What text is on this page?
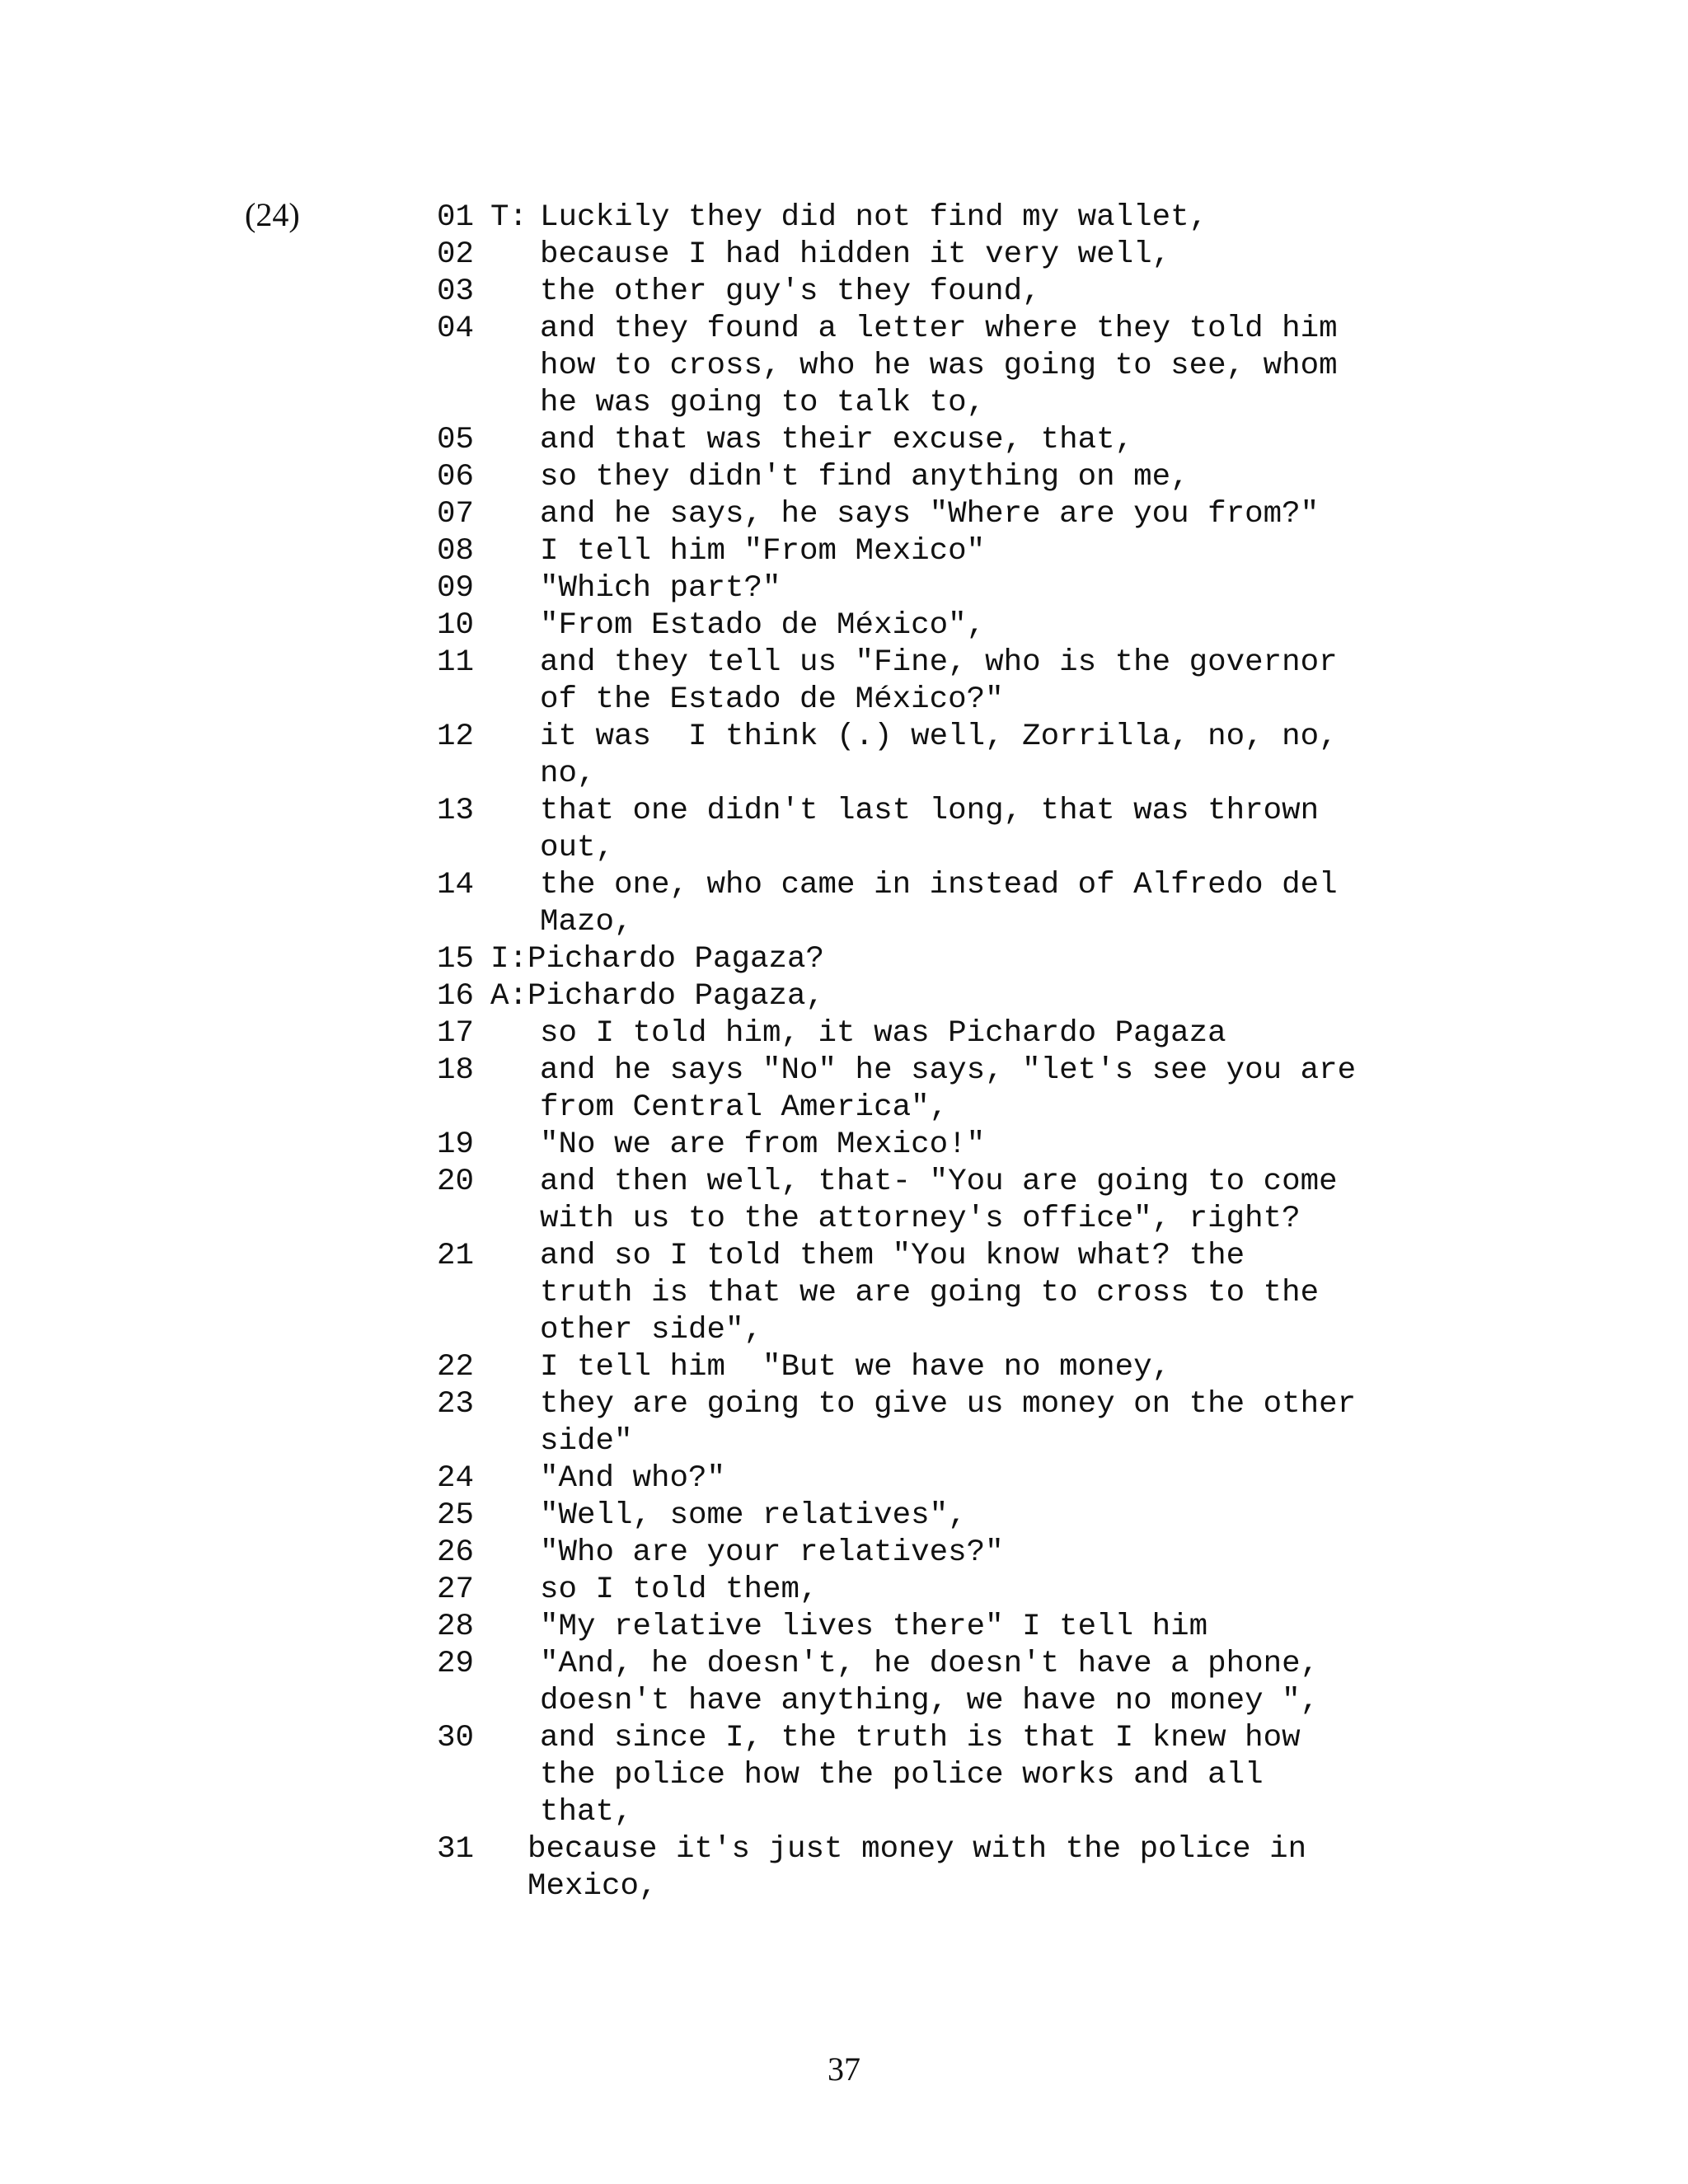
(24)	01 T: Luckily they did not find my wallet,
02	because I had hidden it very well,
03	the other guy's they found,
04	and they found a letter where they told him
how to cross, who he was going to see, whom
he was going to talk to,
05	and that was their excuse, that,
06	so they didn't find anything on me,
07	and he says, he says "Where are you from?"
08	I tell him "From Mexico"
09	"Which part?"
10	"From Estado de México",
11	and they tell us "Fine, who is the governor
of the Estado de México?"
12	it was  I think (.) well, Zorrilla, no, no,
no,
13	that one didn't last long, that was thrown
out,
14	the one, who came in instead of Alfredo del
Mazo,
15 I: Pichardo Pagaza?
16 A: Pichardo Pagaza,
17	so I told him, it was Pichardo Pagaza
18	and he says "No" he says, "let's see you are
from Central America",
19	"No we are from Mexico!"
20	and then well, that- "You are going to come
with us to the attorney's office", right?
21	and so I told them "You know what? the
truth is that we are going to cross to the
other side",
22	I tell him  "But we have no money,
23	they are going to give us money on the other
side"
24	"And who?"
25	"Well, some relatives",
26	"Who are your relatives?"
27	so I told them,
28	"My relative lives there" I tell him
29	"And, he doesn't, he doesn't have a phone,
doesn't have anything, we have no money ",
30	and since I, the truth is that I knew how
the police how the police works and all
that,
31	because it's just money with the police in
Mexico,
37
